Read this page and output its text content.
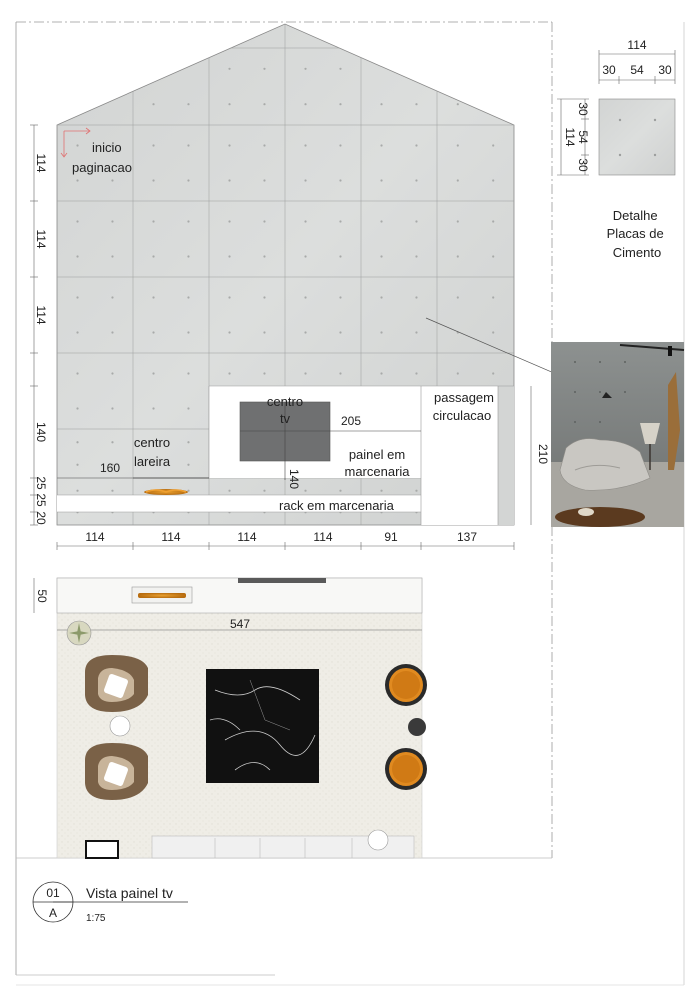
inicio paginacao
centro tv
passagem circulacao
painel em marcenaria
centro lareira
rack em marcenaria
205
160
140
210
114
114
114
140
25
25
20
114	114	114	114	91	137
114
30 54 30
114
30
54
30
Detalhe Placas de Cimento
547
50
01
A
Vista painel tv
1:75
